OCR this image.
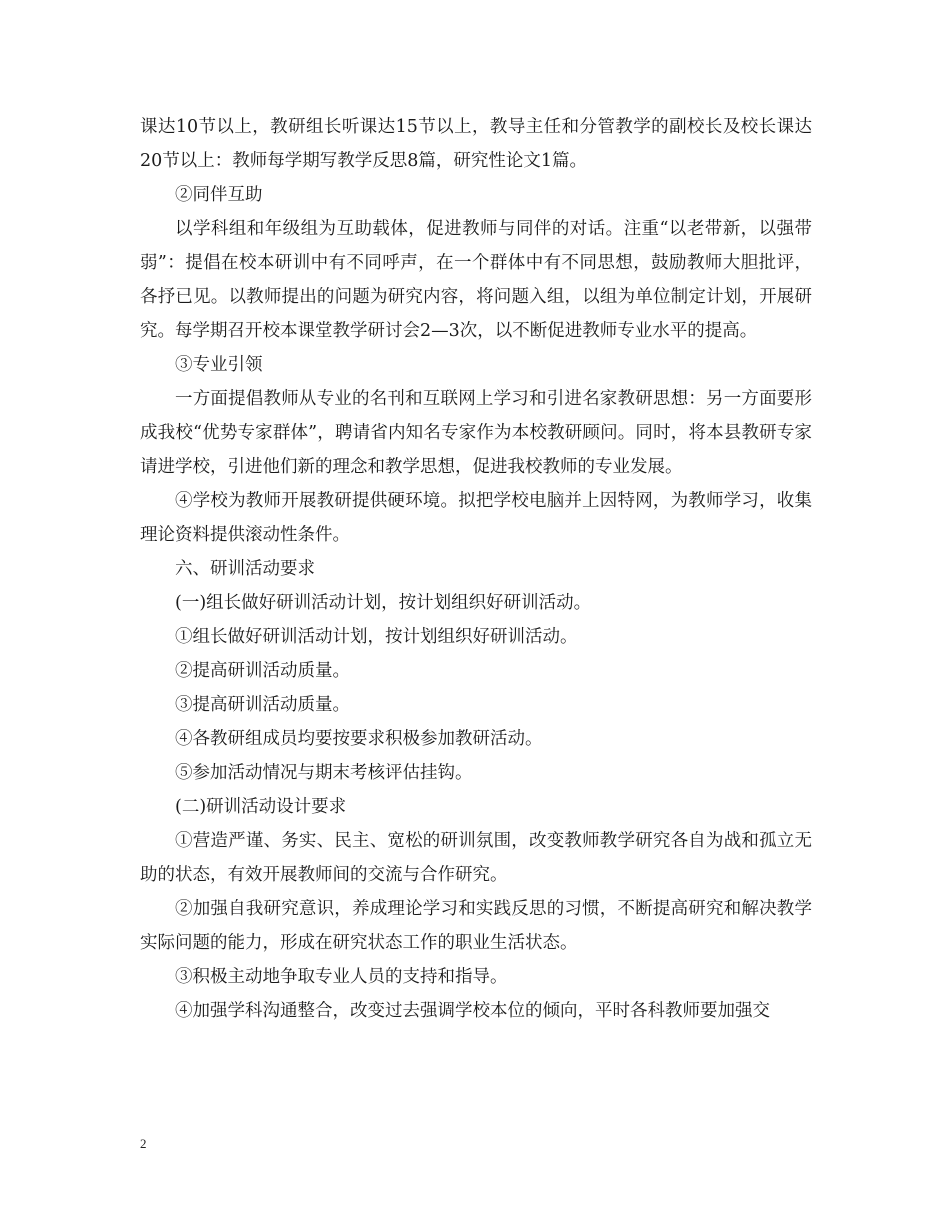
课达10节以上，教研组长听课达15节以上，教导主任和分管教学的副校长及校长课达20节以上：教师每学期写教学反思8篇，研究性论文1篇。

②同伴互助

以学科组和年级组为互助载体，促进教师与同伴的对话。注重“以老带新，以强带弱”：提倡在校本研训中有不同呼声，在一个群体中有不同思想，鼓励教师大胆批评，各抒已见。以教师提出的问题为研究内容，将问题入组，以组为单位制定计划，开展研究。每学期召开校本课堂教学研讨会2—3次，以不断促进教师专业水平的提高。

③专业引领

一方面提倡教师从专业的名刊和互联网上学习和引进名家教研思想：另一方面要形成我校“优势专家群体”，聘请省内知名专家作为本校教研顾问。同时，将本县教研专家请进学校，引进他们新的理念和教学思想，促进我校教师的专业发展。

④学校为教师开展教研提供硬环境。拟把学校电脑并上因特网，为教师学习，收集理论资料提供滚动性条件。

六、研训活动要求

(一)组长做好研训活动计划，按计划组织好研训活动。

①组长做好研训活动计划，按计划组织好研训活动。

②提高研训活动质量。

③提高研训活动质量。

④各教研组成员均要按要求积极参加教研活动。

⑤参加活动情况与期末考核评估挂钩。

(二)研训活动设计要求

①营造严谨、务实、民主、宽松的研训氛围，改变教师教学研究各自为战和孤立无助的状态，有效开展教师间的交流与合作研究。

②加强自我研究意识，养成理论学习和实践反思的习惯，不断提高研究和解决教学实际问题的能力，形成在研究状态工作的职业生活状态。

③积极主动地争取专业人员的支持和指导。

④加强学科沟通整合，改变过去强调学校本位的倾向，平时各科教师要加强交

2
